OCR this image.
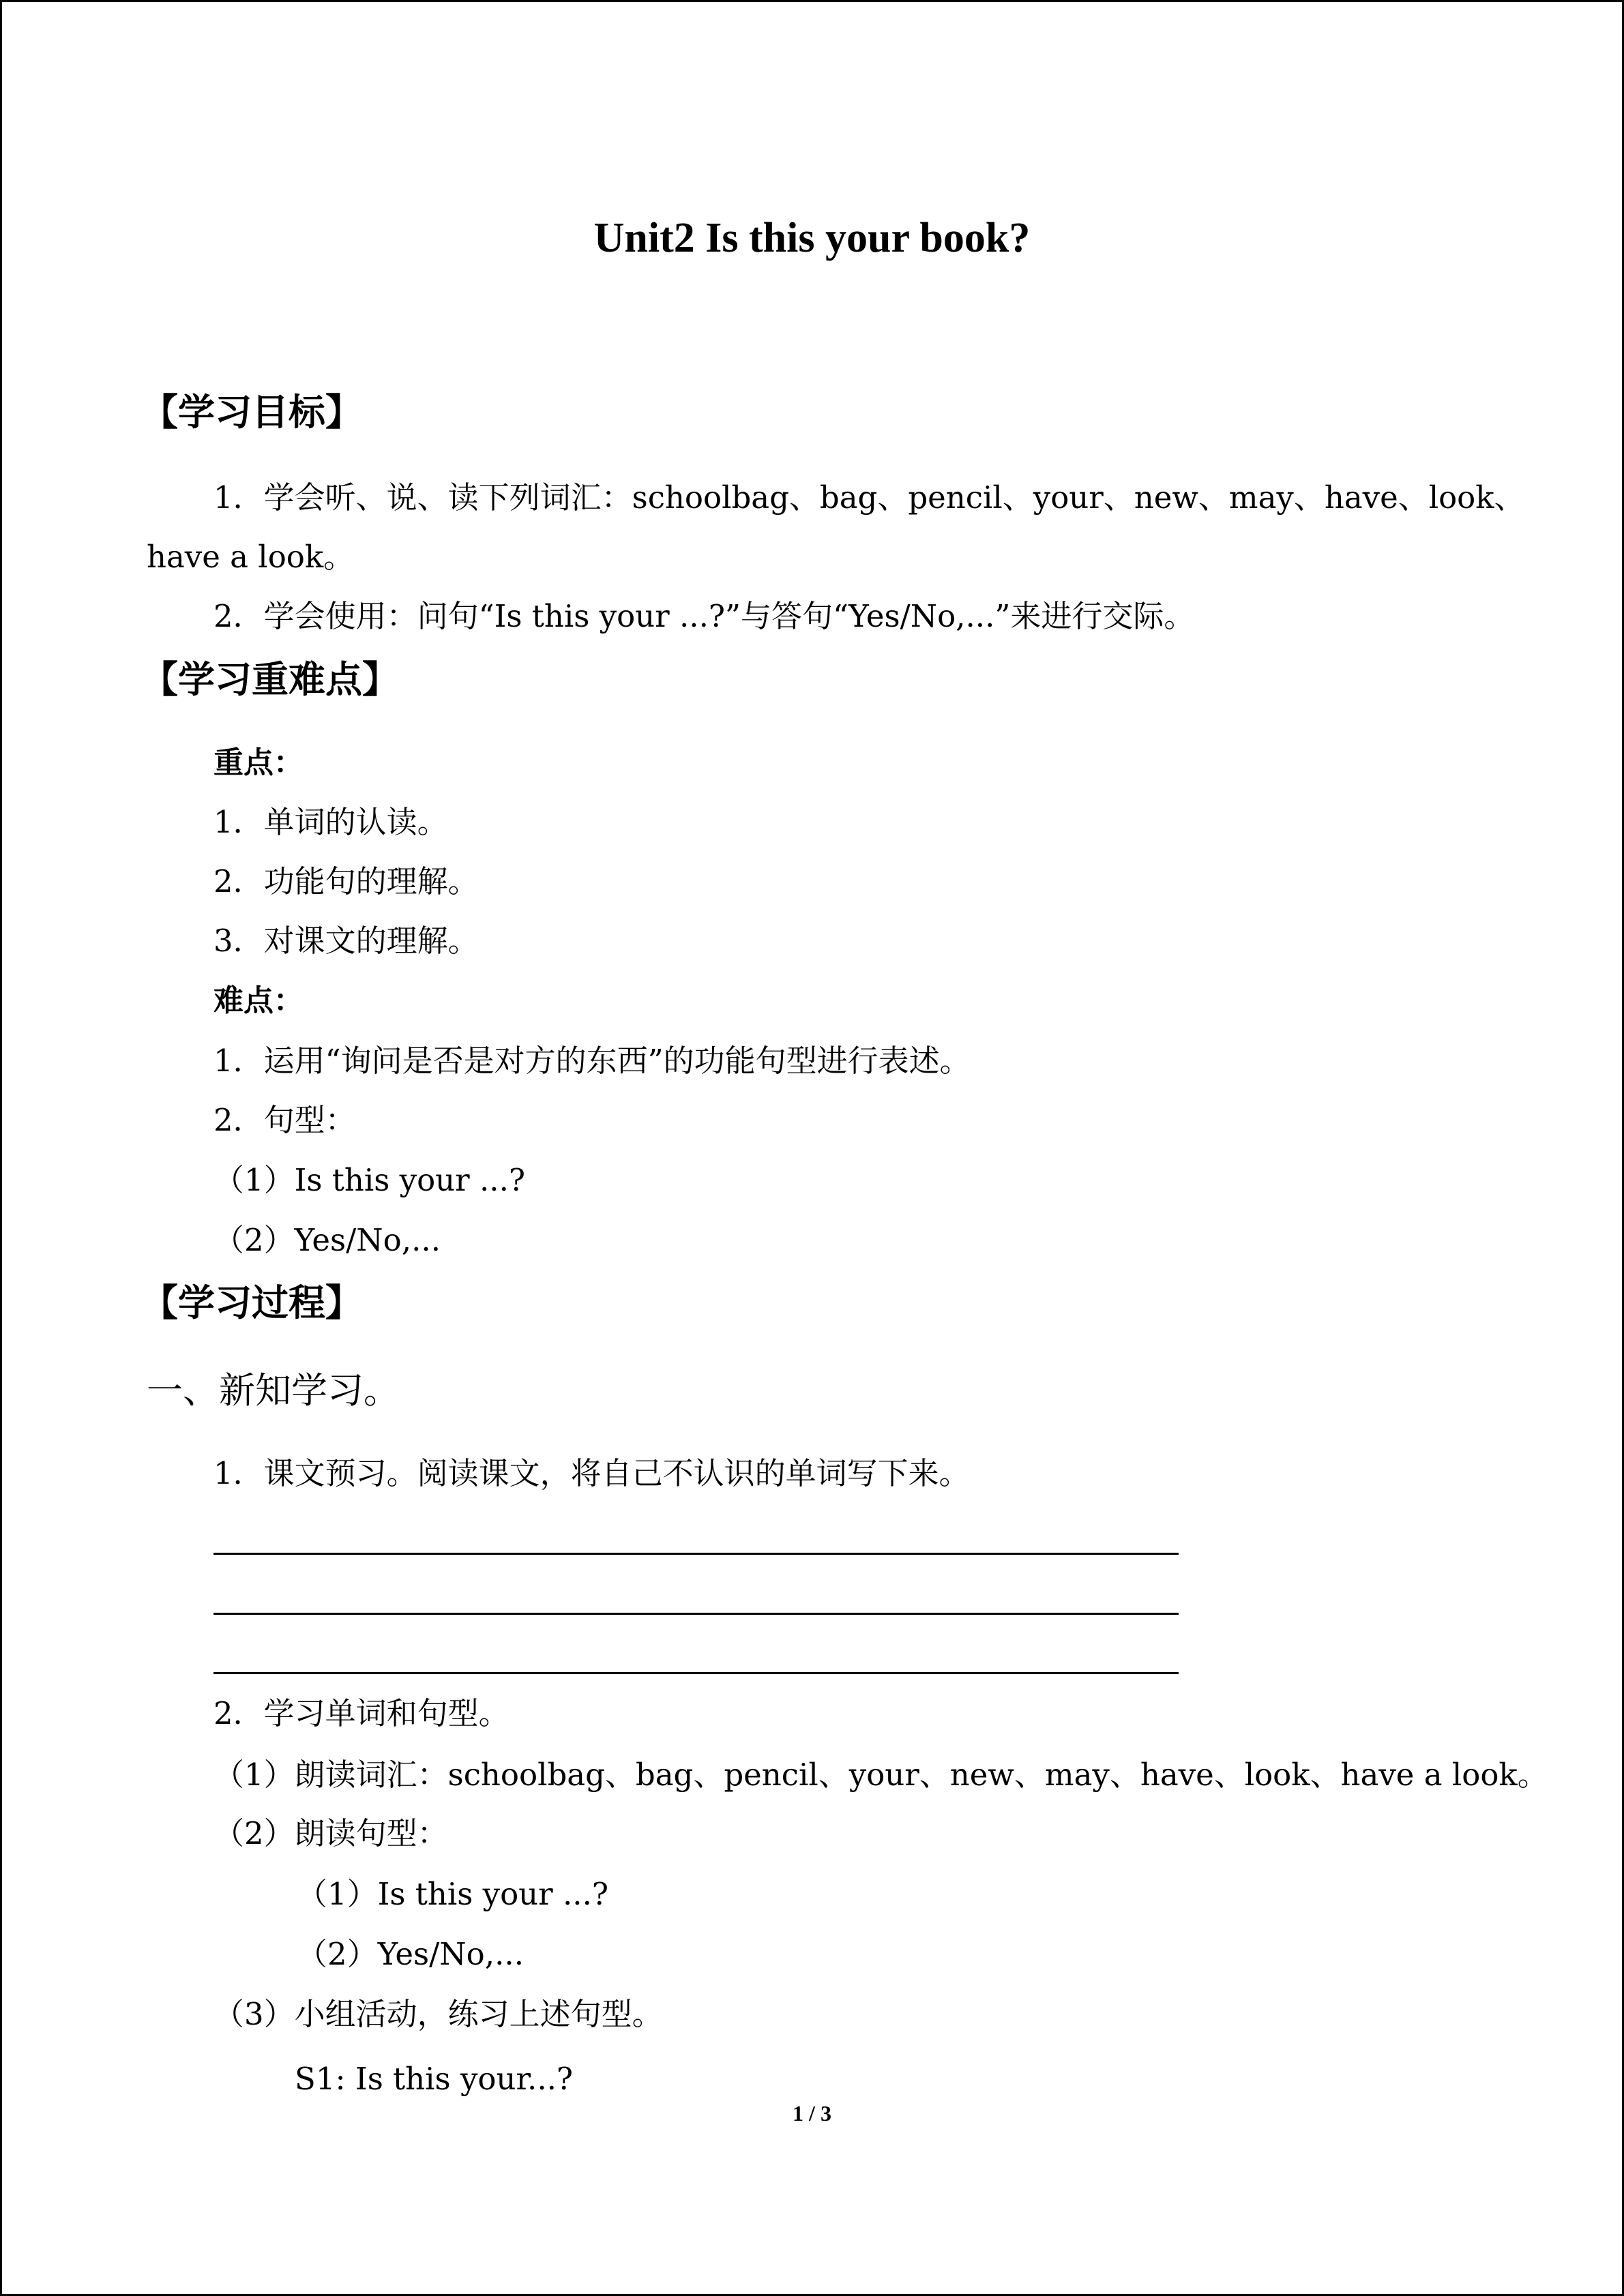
Unit2 Is this your book?
【学习目标】
1．学会听、说、读下列词汇：schoolbag、bag、pencil、your、new、may、have、look、
have a look。
2．学会使用：问句“Is this your ...?”与答句“Yes/No,...”来进行交际。
【学习重难点】
重点：
1．单词的认读。
2．功能句的理解。
3．对课文的理解。
难点：
1．运用“询问是否是对方的东西”的功能句型进行表述。
2．句型：
（1）Is this your ...?
（2）Yes/No,...
【学习过程】
一、新知学习。
1．课文预习。阅读课文，将自己不认识的单词写下来。
2．学习单词和句型。
（1）朗读词汇：schoolbag、bag、pencil、your、new、may、have、look、have a look。
（2）朗读句型：
（1）Is this your ...?
（2）Yes/No,...
（3）小组活动，练习上述句型。
S1: Is this your...?
1 / 3
